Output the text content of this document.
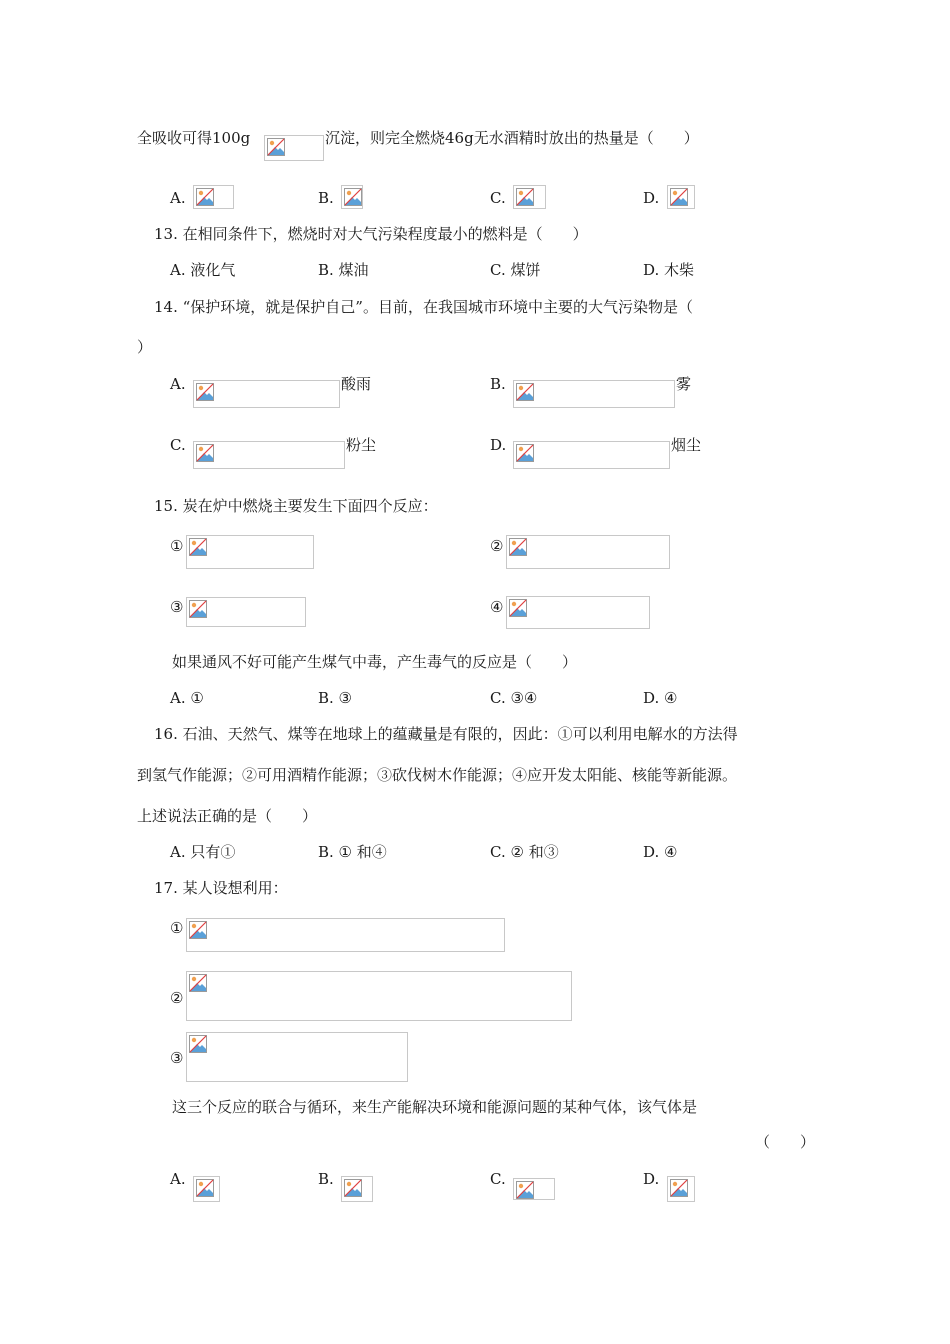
全吸收可得100g	沉淀，则完全燃烧46g无水酒精时放出的热量是（　　）
A.	B.	C.	D.
13. 在相同条件下，燃烧时对大气污染程度最小的燃料是（　　）
A. 液化气	B. 煤油	C. 煤饼	D. 木柴
14. “保护环境，就是保护自己”。目前，在我国城市环境中主要的大气污染物是（
）
A.	酸雨	B.	雾
C.	粉尘	D.	烟尘
15. 炭在炉中燃烧主要发生下面四个反应：
①	②
③	④
如果通风不好可能产生煤气中毒，产生毒气的反应是（　　）
A. ①	B. ③	C. ③④	D. ④
16. 石油、天然气、煤等在地球上的蕴藏量是有限的，因此：①可以利用电解水的方法得
到氢气作能源；②可用酒精作能源；③砍伐树木作能源；④应开发太阳能、核能等新能源。
上述说法正确的是（　　）
A. 只有①	B. ① 和④	C. ② 和③	D. ④
17. 某人设想利用：
①
②
③
这三个反应的联合与循环，来生产能解决环境和能源问题的某种气体，该气体是
（　　）
A.	B.	C.	D.
